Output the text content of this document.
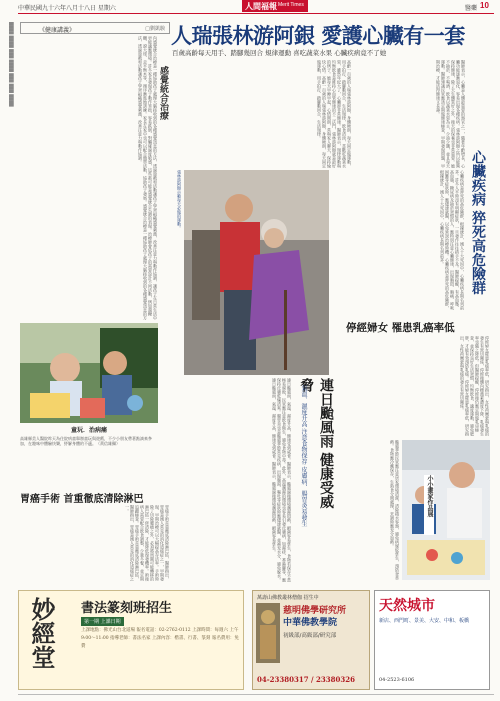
中華民國九十六年八月十八日 星期六	人間福報 Merit Times	醫藥 10
████ ████ ███ ████ ███ ███ ████	《健康講義》	□劉凱駿
內感覺統合治療是一種協助孩子處理大腦接收到的各種感覺訊息的方法，透過遊戲和活動讓孩子學習組織感覺刺激，改善注意力與動作協調，讓孩子在日常生活中更能適應環境。許多家長發現孩子動作笨拙、容易跌倒、對觸碰過度敏感，這些都可能是感覺統合失調的表現。治療師會依孩子的需要設計不同活動，例如盪鞦韆、滾大球、走平衡木等，循序漸進地訓練。家長在家中也可以配合簡單活動，協助孩子發展。感覺統合治療是一種協助孩子處理大腦接收到的各種感覺訊息的方法，透過遊戲和活動讓孩子學習組織感覺刺激，改善注意力與動作協調。	感覺統合治療
童玩．治病痛
高雄縣美人醫院昨天為住院病童舉辦童玩與遊戲，不少小朋友帶著點滴來參加，在趣味中體驗快樂，紓解身體的不適。（黃信雄攝）
胃癌手術 首重徹底清除淋巴
胃癌手術首重徹底清除淋巴結，醫師指出，胃癌是國人常見的消化道癌症之一，早期發現、早期治療可以大幅提高存活率。手術時除了切除腫瘤之外，必須將周圍可能轉移的淋巴結一併清除，才能降低復發機率。術後病人需要配合飲食調整，少量多餐，並定期追蹤檢查。胃癌手術首重徹底清除淋巴結，醫師指出，胃癌是國人常見的消化道癌症之一。
人瑞張林游阿銀 愛護心臟有一套
百歲高齡每天用手、踏腳幾回合 規律運動 喜吃蔬菜水果 心臟疾病竟不了她
高齡一百歲的人瑞張林游阿銀，身體硬朗，每天固定做運動，用手拍打、踏腳數回合，生活規律，飲食清淡，喜歡吃蔬菜水果，雖然年紀大了，心臟卻非常健康。醫師表示，規律運動與均衡飲食是維持心血管健康的不二法門，張林游阿銀就是最好的例子。她每天早睡早起，心情開朗，常與家人聊天，保持愉快心情。高齡一百歲的人瑞張林游阿銀，身體硬朗，每天固定做運動，用手拍打、踏腳數回合，生活規律。
張林游阿銀示範每天必做的運動。
醫師表示，心臟是人體最重要的器官之一，隨著年齡增長，心臟功能逐漸退化，容易出現各種疾病。張林游阿銀之所以能夠保持健康，除了天生體質好之外，後天的保養也非常重要。她不抽菸、不喝酒，飲食以蔬菜水果為主，少油少鹽，並且每天運動。醫師建議民眾應該定期做健康檢查，早期發現問題，早期治療，才能活得健康又長壽。
心臟疾病是猝死的高危險群，根據統計，國人十大死因中，心臟疾病長期名列前茅。許多人平時沒有明顯症狀，一旦發作往往措手不及。醫師提醒，有高血壓、高血脂、糖尿病及抽菸習慣的人，應特別注意心臟健康，出現胸悶、胸痛、呼吸困難等症狀時，應儘速就醫，以免延誤治療時機。心臟疾病是猝死的高危險群，根據統計，國人十大死因中，心臟疾病長期名列前茅。	心臟疾病 猝死高危險群
停經婦女 罹患乳癌率低
停經婦女罹患乳癌率低，研究指出，女性荷爾蒙與乳癌的發生有密切關係，停經後體內雌激素濃度下降，乳癌發生率也隨之降低。但醫師提醒，停經後仍應定期做乳房檢查，並保持良好生活習慣，均衡飲食、適度運動、避免肥胖，才能有效預防乳癌。停經婦女罹患乳癌率低，研究指出，女性荷爾蒙與乳癌的發生有密切關係。
連日颱風雨 健康受威脅
氣溫、濕度升高 注意食物保存 皮膚病、腸胃炎易發生
連日颱風雨，氣溫、濕度升高，健康受到威脅。醫師表示，颱風過後環境潮濕悶熱，細菌容易孳生，食物若保存不當極易腐敗，民眾應注意飲食衛生，避免食物中毒。此外，高溫潮濕的環境也容易引發皮膚病，如濕疹、香港腳等，應保持皮膚乾燥清爽。腸胃炎也是颱風季節常見疾病，出現腹瀉、嘔吐等症狀時應儘速就醫，並補充水分，避免脫水。連日颱風雨，氣溫、濕度升高，健康受到威脅。醫師表示，颱風過後環境潮濕悶熱，細菌容易孳生。	颱風季節民眾應注意居家環境清潔，清除積水容器，避免病媒蚊孳生，預防登革熱。食物應冷藏保存，生熟食分開處理，烹調時應充分加熱。	小小畫家作品展
妙經堂 書法篆刻班招生
第一期 上課日期
上課地點：佛光山台北道場 報名電話：02-2762-0112 上課時間：每週六 上午9:00～11:00 指導老師：書法名家 上課內容：楷書、行書、篆刻 報名費用：免費
萬壽山佛教叢林僧伽 招生中
慈明佛學研究所
中華佛教學院
初級部/高級部/研究部
04-23380317 / 23380326
天然城市
新店、西門町、景美、大安、中和、板橋
04-2523-6106
